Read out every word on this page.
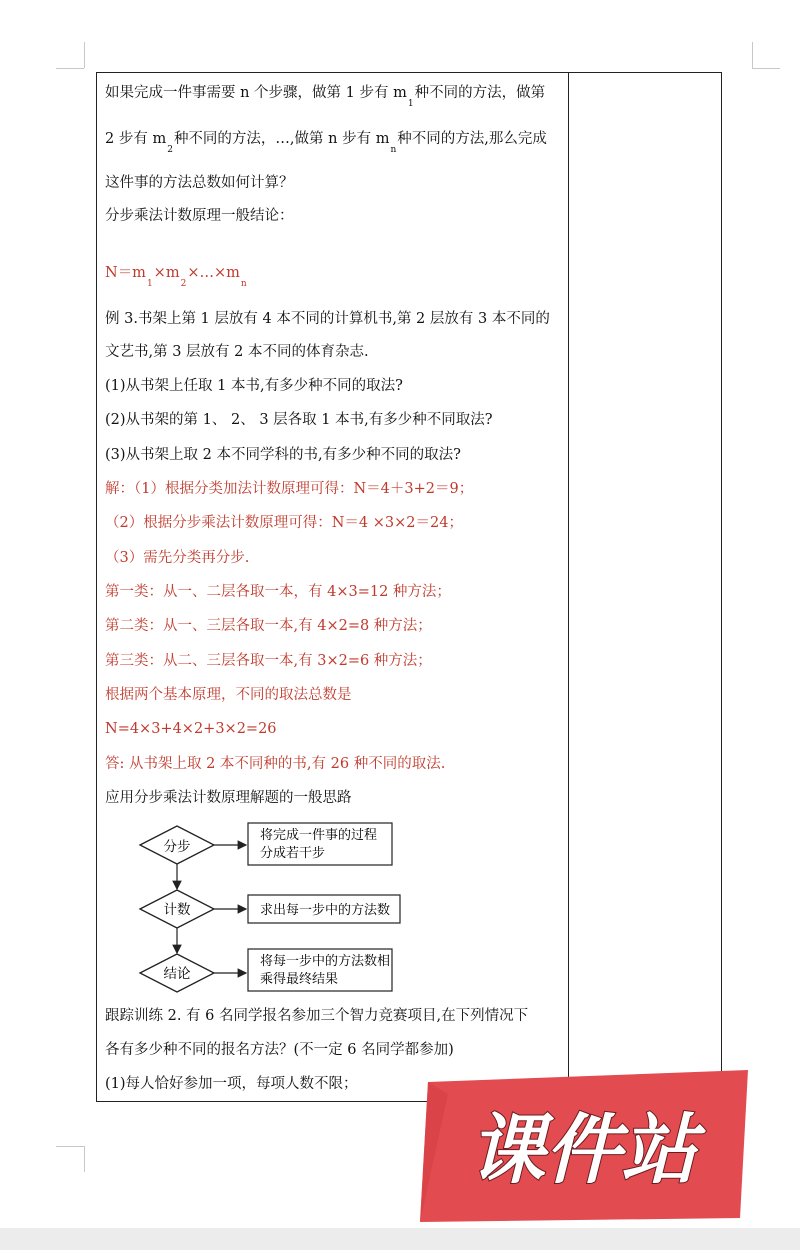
如果完成一件事需要 n 个步骤，做第 1 步有 $m_1$种不同的方法，做第
2 步有 $m_2$种不同的方法，…,做第 n 步有 $m_n$种不同的方法,那么完成
这件事的方法总数如何计算？
分步乘法计数原理一般结论：
$N=m_1\times m_2\times\dots\times m_n$
例 3.书架上第 1 层放有 4 本不同的计算机书,第 2 层放有 3 本不同的
文艺书,第 3 层放有 2 本不同的体育杂志.
(1)从书架上任取 1 本书,有多少种不同的取法?
(2)从书架的第 1、 2、 3 层各取 1 本书,有多少种不同取法?
(3)从书架上取 2 本不同学科的书,有多少种不同的取法?
解：（1）根据分类加法计数原理可得：N＝4＋3+2＝9；
（2）根据分步乘法计数原理可得：N＝4 ×3×2＝24；
（3）需先分类再分步.
第一类：从一、二层各取一本，有 4×3=12 种方法；
第二类：从一、三层各取一本,有 4×2=8 种方法；
第三类：从二、三层各取一本,有 3×2=6 种方法；
根据两个基本原理，不同的取法总数是
N=4×3+4×2+3×2=26
答: 从书架上取 2 本不同种的书,有 26 种不同的取法.
应用分步乘法计数原理解题的一般思路
分步
将完成一件事的过程
分成若干步
计数	求出每一步中的方法数
结论
将每一步中的方法数相
乘得最终结果
跟踪训练 2. 有 6 名同学报名参加三个智力竞赛项目,在下列情况下
各有多少种不同的报名方法？(不一定 6 名同学都参加)
(1)每人恰好参加一项，每项人数不限；
课件站
